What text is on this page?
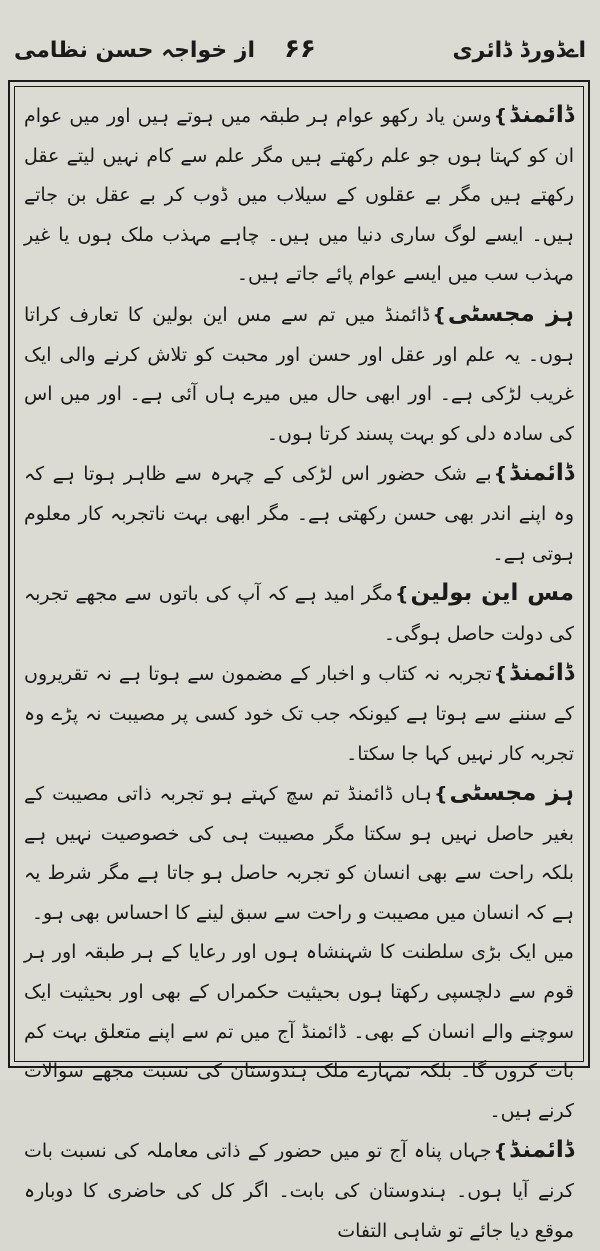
اےڈورڈ ڈائری
۶۶
از خواجہ حسن نظامی

ڈائمنڈ}وسن یاد رکھو عوام ہر طبقہ میں ہوتے ہیں اور میں عوام ان کو کہتا ہوں جو علم رکھتے ہیں مگر علم سے کام نہیں لیتے عقل رکھتے ہیں مگر بے عقلوں کے سیلاب میں ڈوب کر بے عقل بن جاتے ہیں۔ ایسے لوگ ساری دنیا میں ہیں۔ چاہے مہذب ملک ہوں یا غیر مہذب سب میں ایسے عوام پائے جاتے ہیں۔

ہز مجسٹی}ڈائمنڈ میں تم سے مس این بولین کا تعارف کراتا ہوں۔ یہ علم اور عقل اور حسن اور محبت کو تلاش کرنے والی ایک غریب لڑکی ہے۔ اور ابھی حال میں میرے ہاں آئی ہے۔ اور میں اس کی سادہ دلی کو بہت پسند کرتا ہوں۔

ڈائمنڈ}بے شک حضور اس لڑکی کے چہرہ سے ظاہر ہوتا ہے کہ وہ اپنے اندر بھی حسن رکھتی ہے۔ مگر ابھی بہت ناتجربہ کار معلوم ہوتی ہے۔

مس این بولین}مگر امید ہے کہ آپ کی باتوں سے مجھے تجربہ کی دولت حاصل ہوگی۔

ڈائمنڈ}تجربہ نہ کتاب و اخبار کے مضمون سے ہوتا ہے نہ تقریروں کے سننے سے ہوتا ہے کیونکہ جب تک خود کسی پر مصیبت نہ پڑے وہ تجربہ کار نہیں کہا جا سکتا۔

ہز مجسٹی}ہاں ڈائمنڈ تم سچ کہتے ہو تجربہ ذاتی مصیبت کے بغیر حاصل نہیں ہو سکتا مگر مصیبت ہی کی خصوصیت نہیں ہے بلکہ راحت سے بھی انسان کو تجربہ حاصل ہو جاتا ہے مگر شرط یہ ہے کہ انسان میں مصیبت و راحت سے سبق لینے کا احساس بھی ہو۔

میں ایک بڑی سلطنت کا شہنشاہ ہوں اور رعایا کے ہر طبقہ اور ہر قوم سے دلچسپی رکھتا ہوں بحیثیت حکمراں کے بھی اور بحیثیت ایک سوچنے والے انسان کے بھی۔ ڈائمنڈ آج میں تم سے اپنے متعلق بہت کم بات کروں گا۔ بلکہ تمہارے ملک ہندوستان کی نسبت مجھے سوالات کرنے ہیں۔

ڈائمنڈ}جہاں پناہ آج تو میں حضور کے ذاتی معاملہ کی نسبت بات کرنے آیا ہوں۔ ہندوستان کی بابت۔ اگر کل کی حاضری کا دوبارہ موقع دیا جائے تو شاہی التفات
